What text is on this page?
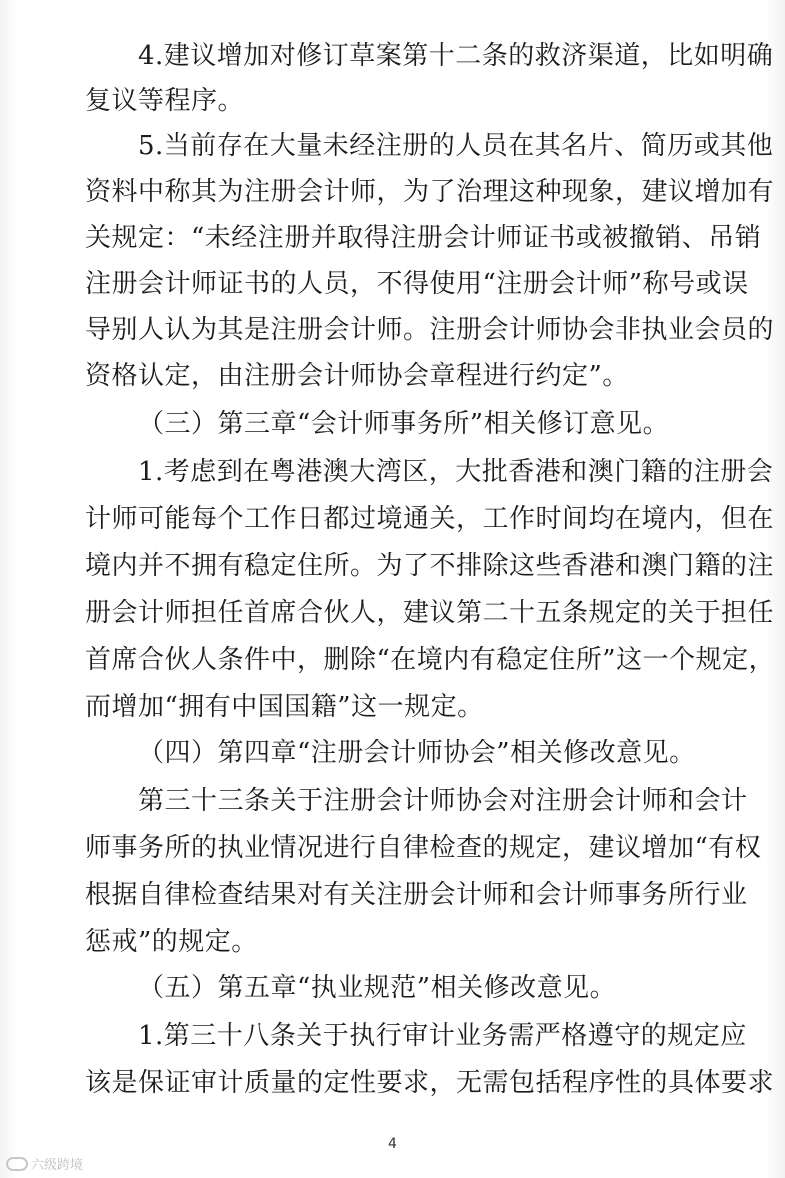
4.建议增加对修订草案第十二条的救济渠道，比如明确
复议等程序。
5.当前存在大量未经注册的人员在其名片、简历或其他
资料中称其为注册会计师，为了治理这种现象，建议增加有
关规定：“未经注册并取得注册会计师证书或被撤销、吊销
注册会计师证书的人员，不得使用“注册会计师”称号或误
导别人认为其是注册会计师。注册会计师协会非执业会员的
资格认定，由注册会计师协会章程进行约定”。
（三）第三章“会计师事务所”相关修订意见。
1.考虑到在粤港澳大湾区，大批香港和澳门籍的注册会
计师可能每个工作日都过境通关，工作时间均在境内，但在
境内并不拥有稳定住所。为了不排除这些香港和澳门籍的注
册会计师担任首席合伙人，建议第二十五条规定的关于担任
首席合伙人条件中，删除“在境内有稳定住所”这一个规定，
而增加“拥有中国国籍”这一规定。
（四）第四章“注册会计师协会”相关修改意见。
第三十三条关于注册会计师协会对注册会计师和会计
师事务所的执业情况进行自律检查的规定，建议增加“有权
根据自律检查结果对有关注册会计师和会计师事务所行业
惩戒”的规定。
（五）第五章“执业规范”相关修改意见。
1.第三十八条关于执行审计业务需严格遵守的规定应
该是保证审计质量的定性要求，无需包括程序性的具体要求
4
六级跨境
